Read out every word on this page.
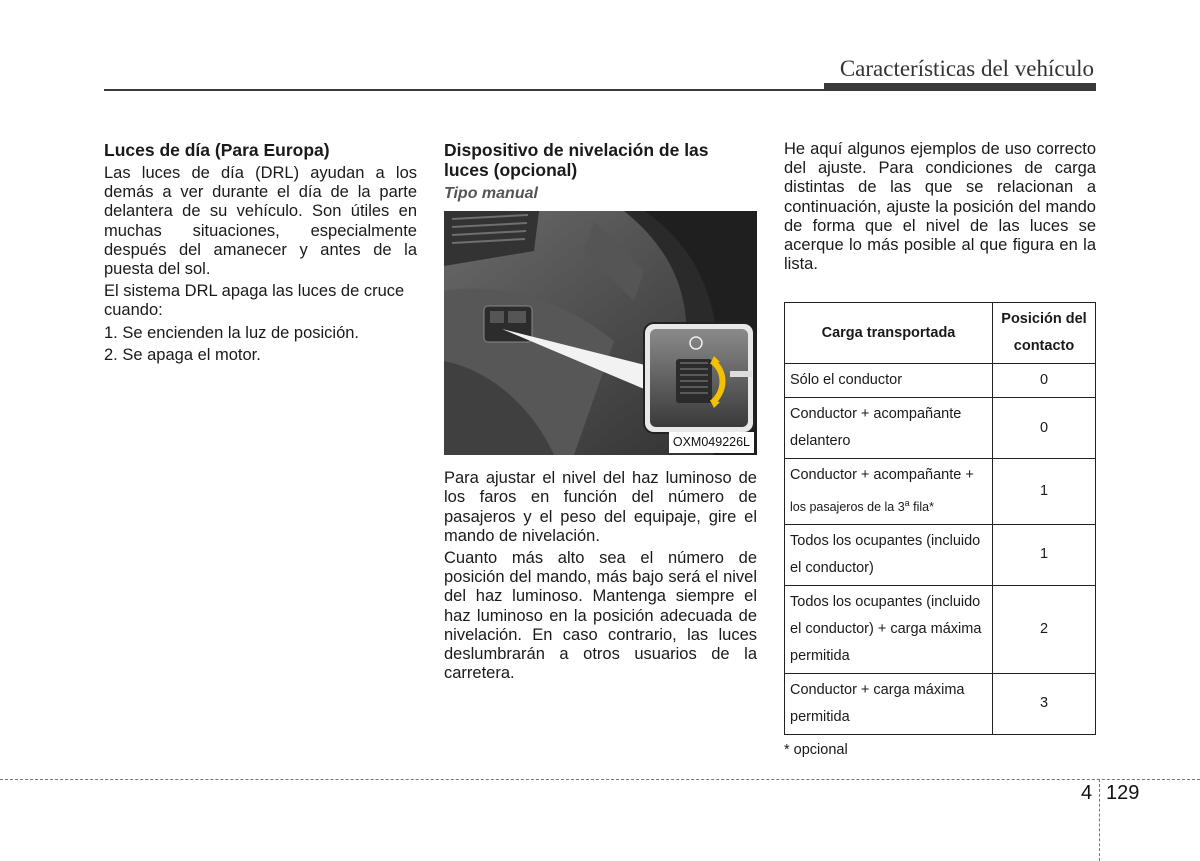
Características del vehículo
Luces de día (Para Europa)

Las luces de día (DRL) ayudan a los demás a ver durante el día de la parte delantera de su vehículo. Son útiles en muchas situaciones, especialmente después del amanecer y antes de la puesta del sol.

El sistema DRL apaga las luces de cruce cuando:

1. Se encienden la luz de posición.

2. Se apaga el motor.

Dispositivo de nivelación de las luces (opcional)
Tipo manual
OXM049226L

Para ajustar el nivel del haz luminoso de los faros en función del número de pasajeros y el peso del equipaje, gire el mando de nivelación.

Cuanto más alto sea el número de posición del mando, más bajo será el nivel del haz luminoso. Mantenga siempre el haz luminoso en la posición adecuada de nivelación. En caso contrario, las luces deslumbrarán a otros usuarios de la carretera.

He aquí algunos ejemplos de uso correcto del ajuste. Para condiciones de carga distintas de las que se relacionan a continuación, ajuste la posición del mando de forma que el nivel de las luces se acerque lo más posible al que figura en la lista.

Carga transportada	Posición del contacto
Sólo el conductor	0
Conductor + acompañante delantero	0
Conductor + acompañante +
los pasajeros de la 3$^a$ fila*	1
Todos los ocupantes (incluido el conductor)	1
Todos los ocupantes (incluido el conductor) + carga máxima permitida	2
Conductor + carga máxima permitida	3
* opcional
4 129
